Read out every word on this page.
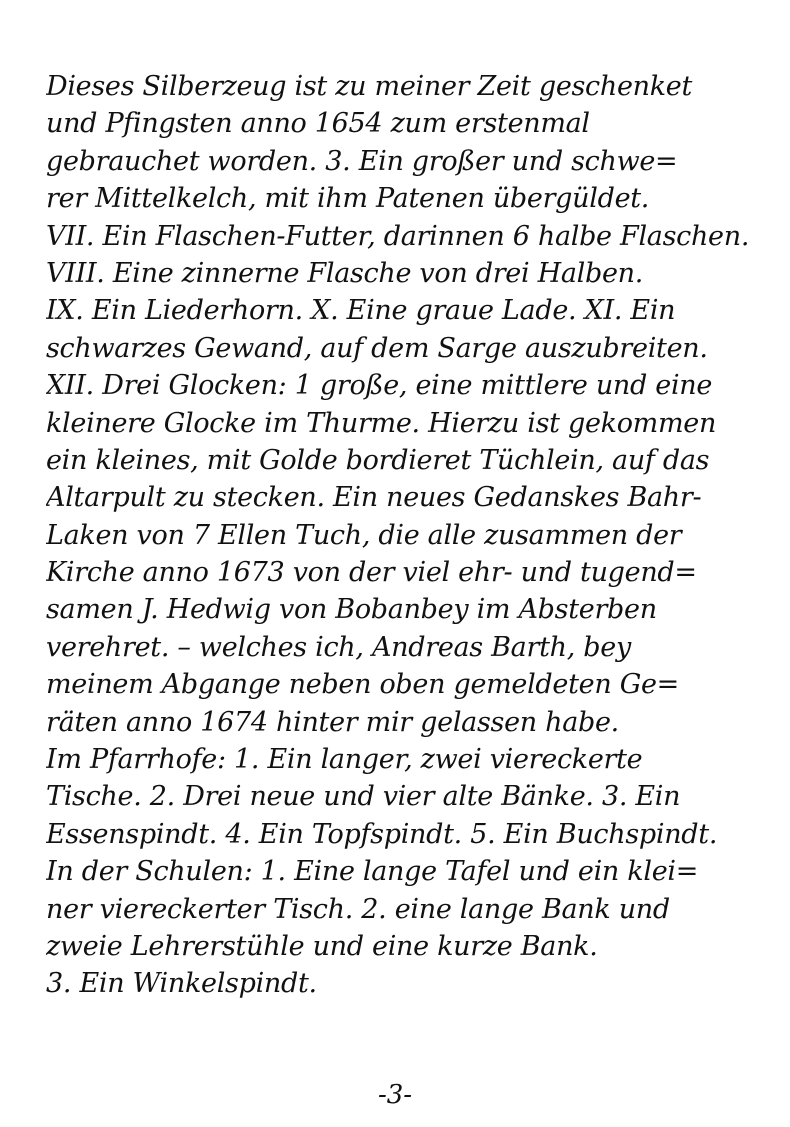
Dieses Silberzeug ist zu meiner Zeit geschenket
und Pfingsten anno 1654 zum erstenmal
gebrauchet worden. 3. Ein großer und schwe=
rer Mittelkelch, mit ihm Patenen übergüldet.
VII. Ein Flaschen-Futter, darinnen 6 halbe Flaschen.
VIII. Eine zinnerne Flasche von drei Halben.
IX. Ein Liederhorn. X. Eine graue Lade. XI. Ein
schwarzes Gewand, auf dem Sarge auszubreiten.
XII. Drei Glocken: 1 große, eine mittlere und eine
kleinere Glocke im Thurme. Hierzu ist gekommen
ein kleines, mit Golde bordieret Tüchlein, auf das
Altarpult zu stecken. Ein neues Gedanskes Bahr-
Laken von 7 Ellen Tuch, die alle zusammen der
Kirche anno 1673 von der viel ehr- und tugend=
samen J. Hedwig von Bobanbey im Absterben
verehret. – welches ich, Andreas Barth, bey
meinem Abgange neben oben gemeldeten Ge=
räten anno 1674 hinter mir gelassen habe.
Im Pfarrhofe: 1. Ein langer, zwei viereckerte
Tische. 2. Drei neue und vier alte Bänke. 3. Ein
Essenspindt. 4. Ein Topfspindt. 5. Ein Buchspindt.
In der Schulen: 1. Eine lange Tafel und ein klei=
ner viereckerter Tisch. 2. eine lange Bank und
zweie Lehrerstühle und eine kurze Bank.
3. Ein Winkelspindt.
-3-
